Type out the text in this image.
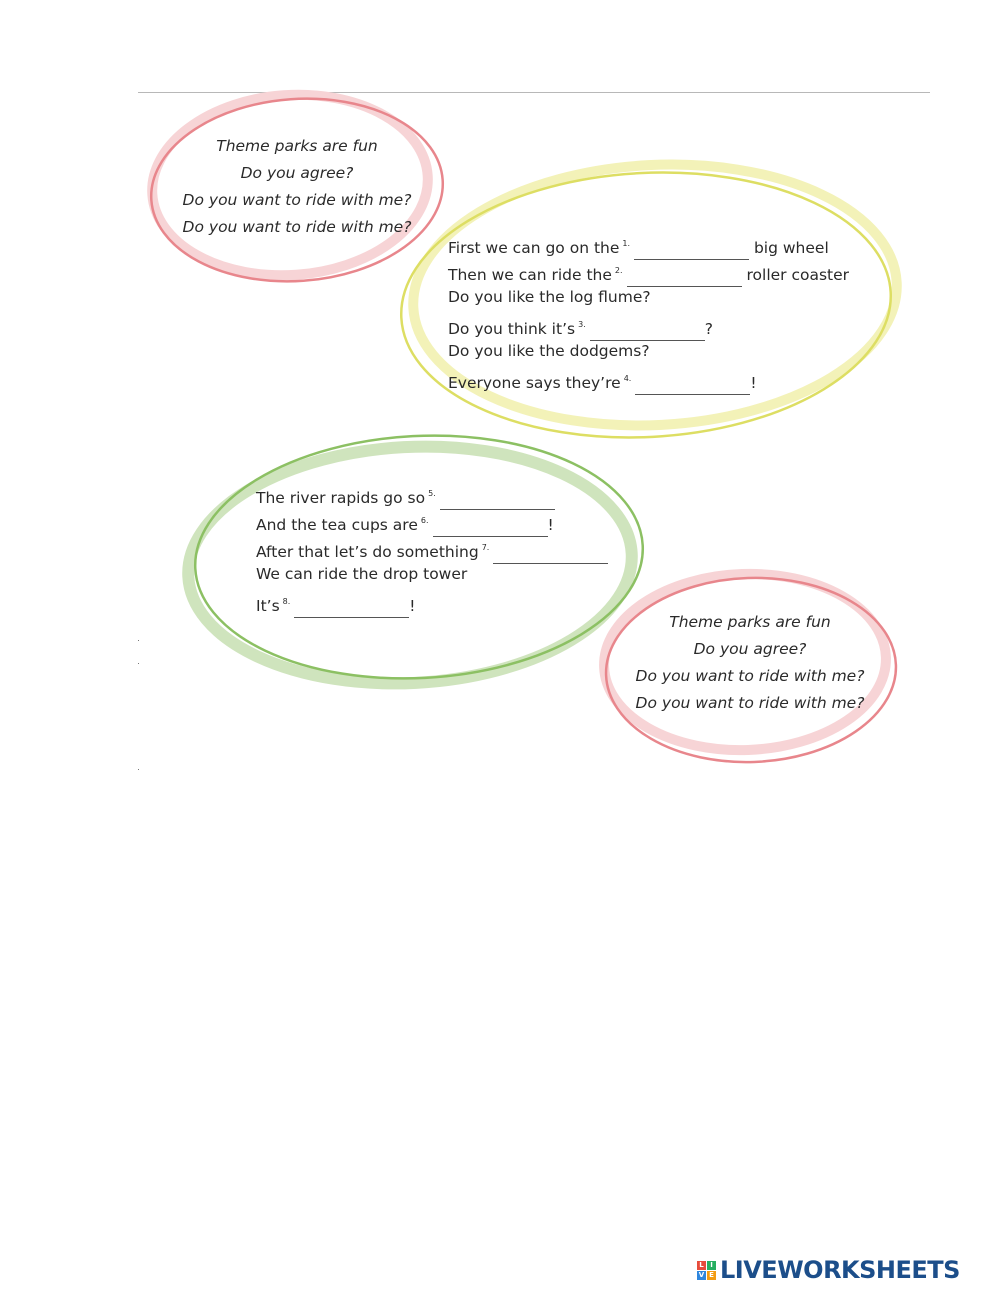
Theme parks are fun
Do you agree?
Do you want to ride with me?
Do you want to ride with me?
First we can go on the $^{1.}$	big wheel
Then we can ride the $^{2.}$	roller coaster
Do you like the log flume?
Do you think it’s $^{3.}$	?
Do you like the dodgems?
Everyone says they’re $^{4.}$	!
The river rapids go so $^{5.}$
And the tea cups are $^{6.}$	!
After that let’s do something $^{7.}$
We can ride the drop tower
It’s $^{8.}$	!
Theme parks are fun
Do you agree?
Do you want to ride with me?
Do you want to ride with me?
L I
V E LIVEWORKSHEETS
